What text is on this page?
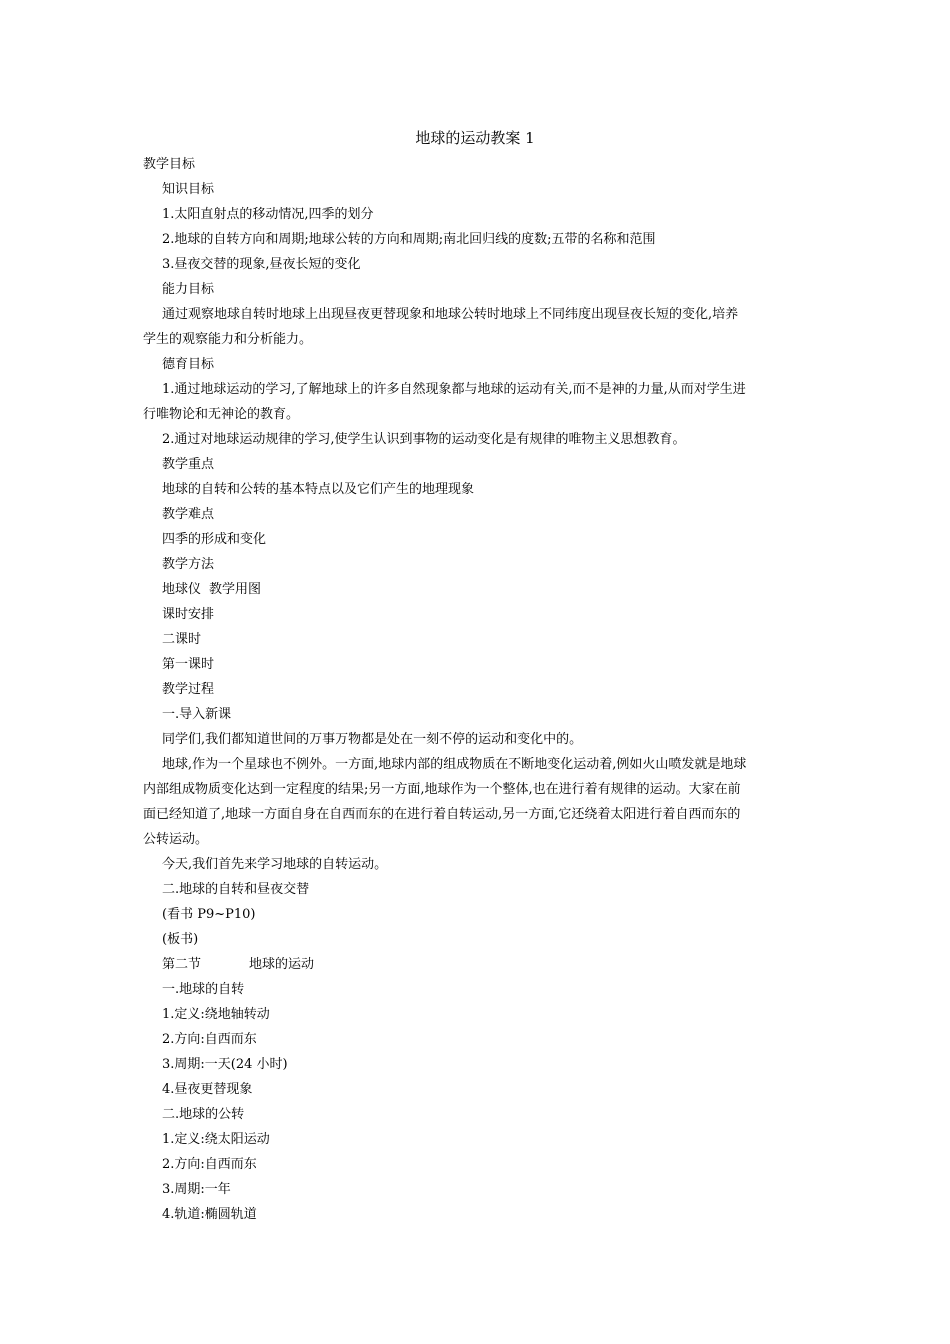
地球的运动教案 1
教学目标
知识目标
1.太阳直射点的移动情况,四季的划分
2.地球的自转方向和周期;地球公转的方向和周期;南北回归线的度数;五带的名称和范围
3.昼夜交替的现象,昼夜长短的变化
能力目标
通过观察地球自转时地球上出现昼夜更替现象和地球公转时地球上不同纬度出现昼夜长短的变化,培养
学生的观察能力和分析能力。
德育目标
1.通过地球运动的学习,了解地球上的许多自然现象都与地球的运动有关,而不是神的力量,从而对学生进
行唯物论和无神论的教育。
2.通过对地球运动规律的学习,使学生认识到事物的运动变化是有规律的唯物主义思想教育。
教学重点
地球的自转和公转的基本特点以及它们产生的地理现象
教学难点
四季的形成和变化
教学方法
地球仪 教学用图
课时安排
二课时
第一课时
教学过程
一.导入新课
同学们,我们都知道世间的万事万物都是处在一刻不停的运动和变化中的。
地球,作为一个星球也不例外。一方面,地球内部的组成物质在不断地变化运动着,例如火山喷发就是地球
内部组成物质变化达到一定程度的结果;另一方面,地球作为一个整体,也在进行着有规律的运动。大家在前
面已经知道了,地球一方面自身在自西而东的在进行着自转运动,另一方面,它还绕着太阳进行着自西而东的
公转运动。
今天,我们首先来学习地球的自转运动。
二.地球的自转和昼夜交替
(看书 P9~P10)
(板书)
第二节	地球的运动
一.地球的自转
1.定义:绕地轴转动
2.方向:自西而东
3.周期:一天(24 小时)
4.昼夜更替现象
二.地球的公转
1.定义:绕太阳运动
2.方向:自西而东
3.周期:一年
4.轨道:椭圆轨道
